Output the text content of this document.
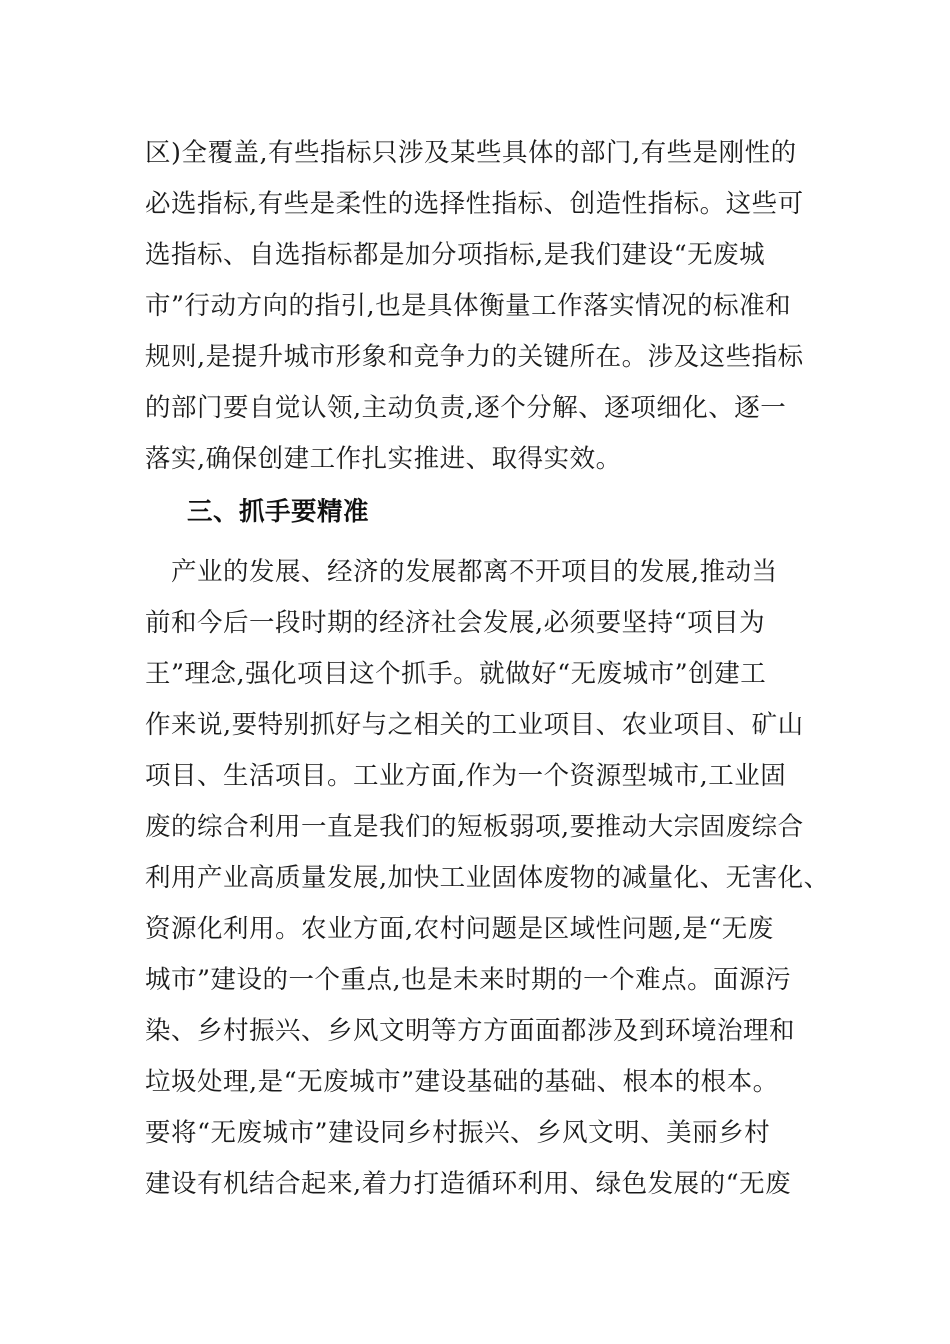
区)全覆盖,有些指标只涉及某些具体的部门,有些是刚性的
必选指标,有些是柔性的选择性指标、创造性指标。这些可
选指标、自选指标都是加分项指标,是我们建设“无废城
市”行动方向的指引,也是具体衡量工作落实情况的标准和
规则,是提升城市形象和竞争力的关键所在。涉及这些指标
的部门要自觉认领,主动负责,逐个分解、逐项细化、逐一
落实,确保创建工作扎实推进、取得实效。
三、抓手要精准
　产业的发展、经济的发展都离不开项目的发展,推动当
前和今后一段时期的经济社会发展,必须要坚持“项目为
王”理念,强化项目这个抓手。就做好“无废城市”创建工
作来说,要特别抓好与之相关的工业项目、农业项目、矿山
项目、生活项目。工业方面,作为一个资源型城市,工业固
废的综合利用一直是我们的短板弱项,要推动大宗固废综合
利用产业高质量发展,加快工业固体废物的减量化、无害化、
资源化利用。农业方面,农村问题是区域性问题,是“无废
城市”建设的一个重点,也是未来时期的一个难点。面源污
染、乡村振兴、乡风文明等方方面面都涉及到环境治理和
垃圾处理,是“无废城市”建设基础的基础、根本的根本。
要将“无废城市”建设同乡村振兴、乡风文明、美丽乡村
建设有机结合起来,着力打造循环利用、绿色发展的“无废
